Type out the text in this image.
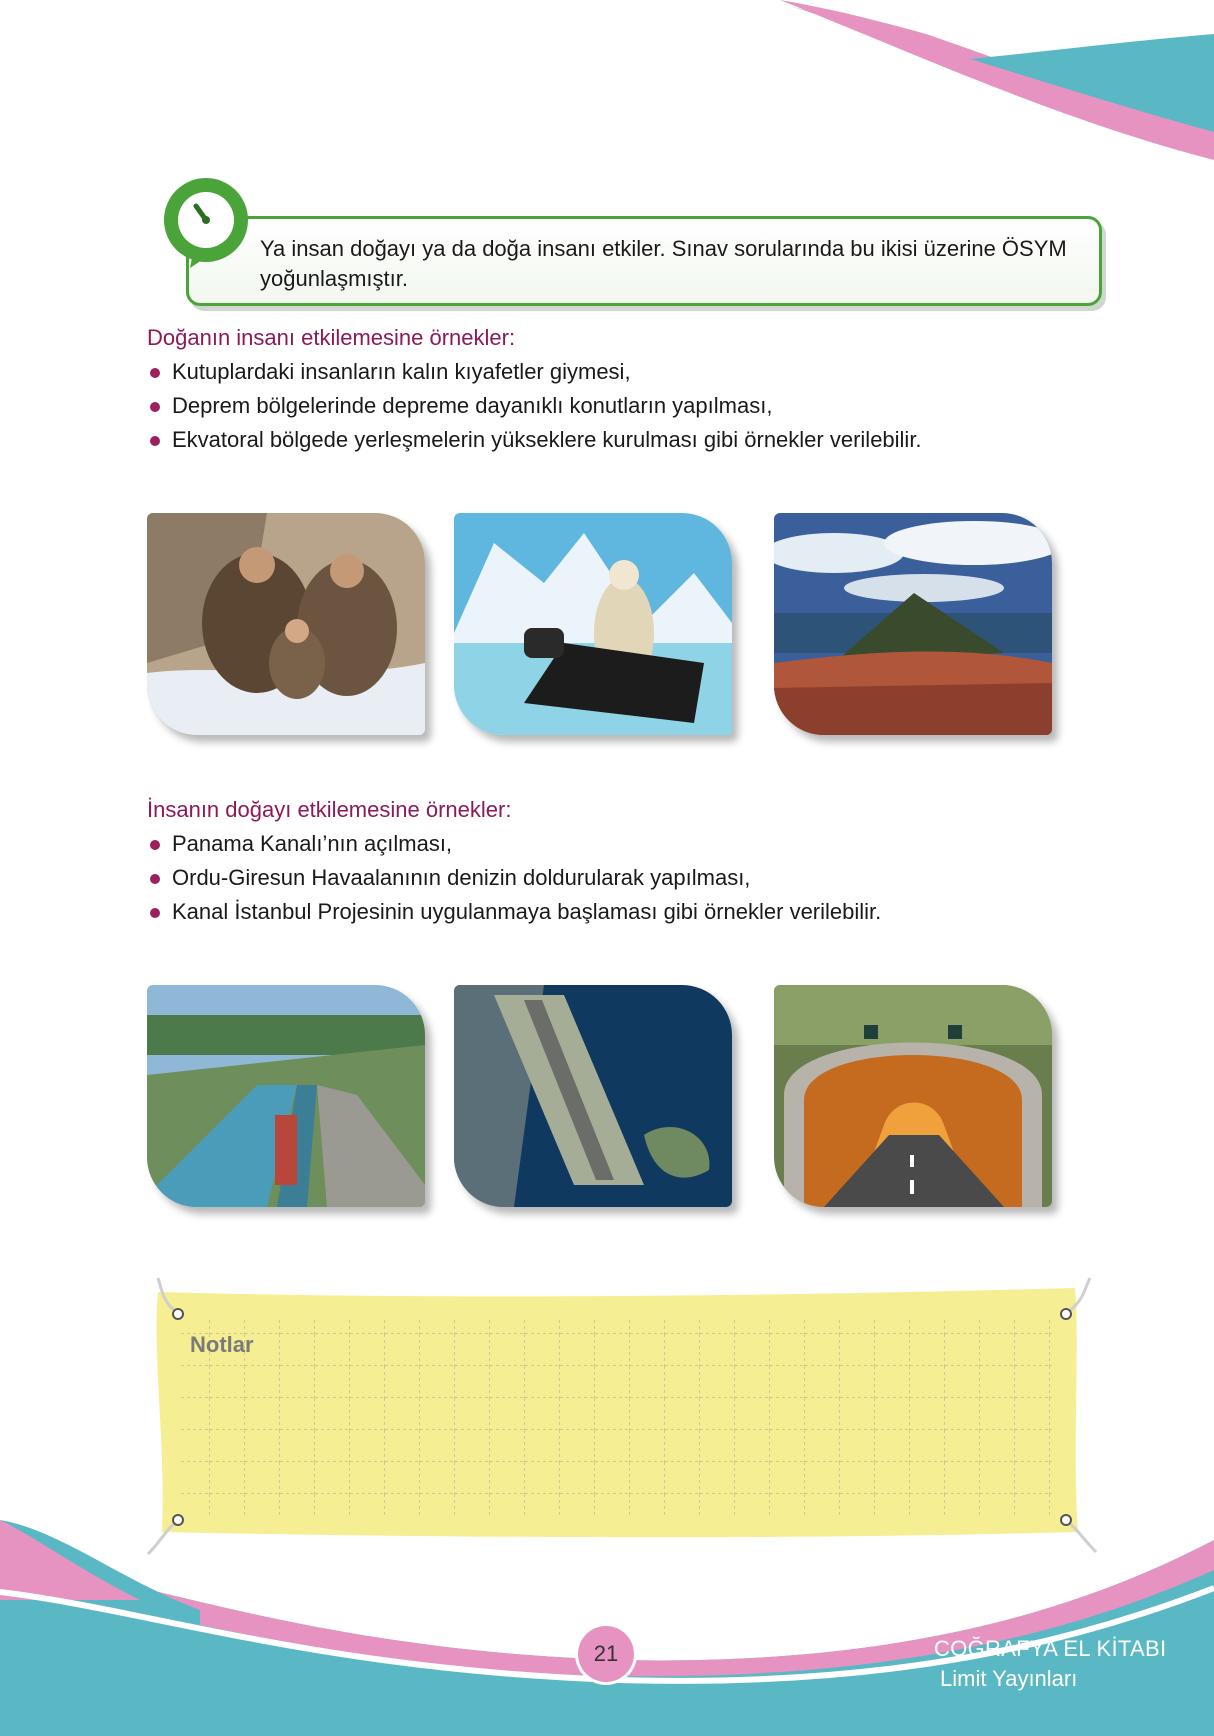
Ya insan doğayı ya da doğa insanı etkiler. Sınav sorularında bu ikisi üzerine ÖSYM yoğunlaşmıştır.
Doğanın insanı etkilemesine örnekler:
Kutuplardaki insanların kalın kıyafetler giymesi,
Deprem bölgelerinde depreme dayanıklı konutların yapılması,
Ekvatoral bölgede yerleşmelerin yükseklere kurulması gibi örnekler verilebilir.
İnsanın doğayı etkilemesine örnekler:
Panama Kanalı’nın açılması,
Ordu-Giresun Havaalanının denizin doldurularak yapılması,
Kanal İstanbul Projesinin uygulanmaya başlaması gibi örnekler verilebilir.
Notlar
21	COĞRAFYA EL KİTABI
Limit Yayınları
